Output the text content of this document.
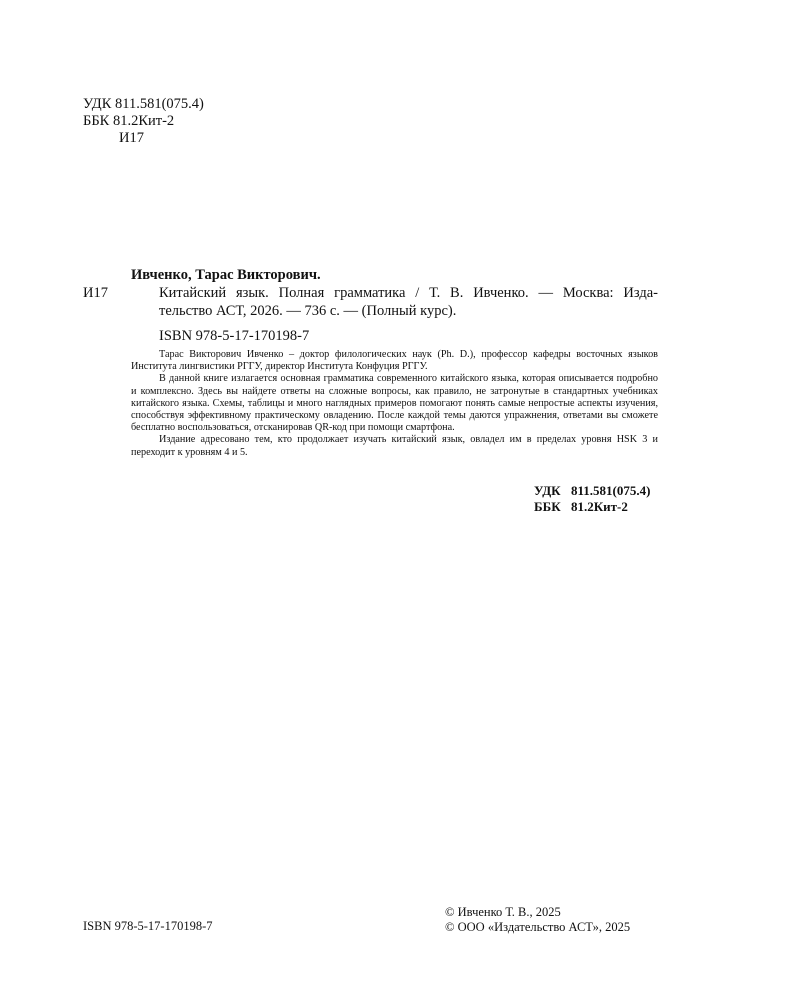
УДК 811.581(075.4)
ББК 81.2Кит-2
И17
Ивченко, Тарас Викторович.
И17	Китайский язык. Полная грамматика / Т. В. Ивченко. — Москва: Изда-
тельство АСТ, 2026. — 736 с. — (Полный курс).
ISBN 978-5-17-170198-7

Тарас Викторович Ивченко – доктор филологических наук (Ph. D.), профессор кафедры восточных языков Института лингвистики РГГУ, директор Института Конфуция РГГУ.

В данной книге излагается основная грамматика современного китайского языка, которая описывается подробно и комплексно. Здесь вы найдете ответы на сложные вопросы, как правило, не затронутые в стандартных учебниках китайского языка. Схемы, таблицы и много наглядных примеров помогают понять самые непростые аспекты изучения, способствуя эффективному практическому овладению. После каждой темы даются упражнения, ответами вы сможете бесплатно воспользоваться, отсканировав QR-код при помощи смартфона.

Издание адресовано тем, кто продолжает изучать китайский язык, овладел им в пределах уровня HSK 3 и переходит к уровням 4 и 5.

УДК 811.581(075.4)
ББК 81.2Кит-2
ISBN 978-5-17-170198-7
© Ивченко Т. В., 2025
© ООО «Издательство АСТ», 2025
